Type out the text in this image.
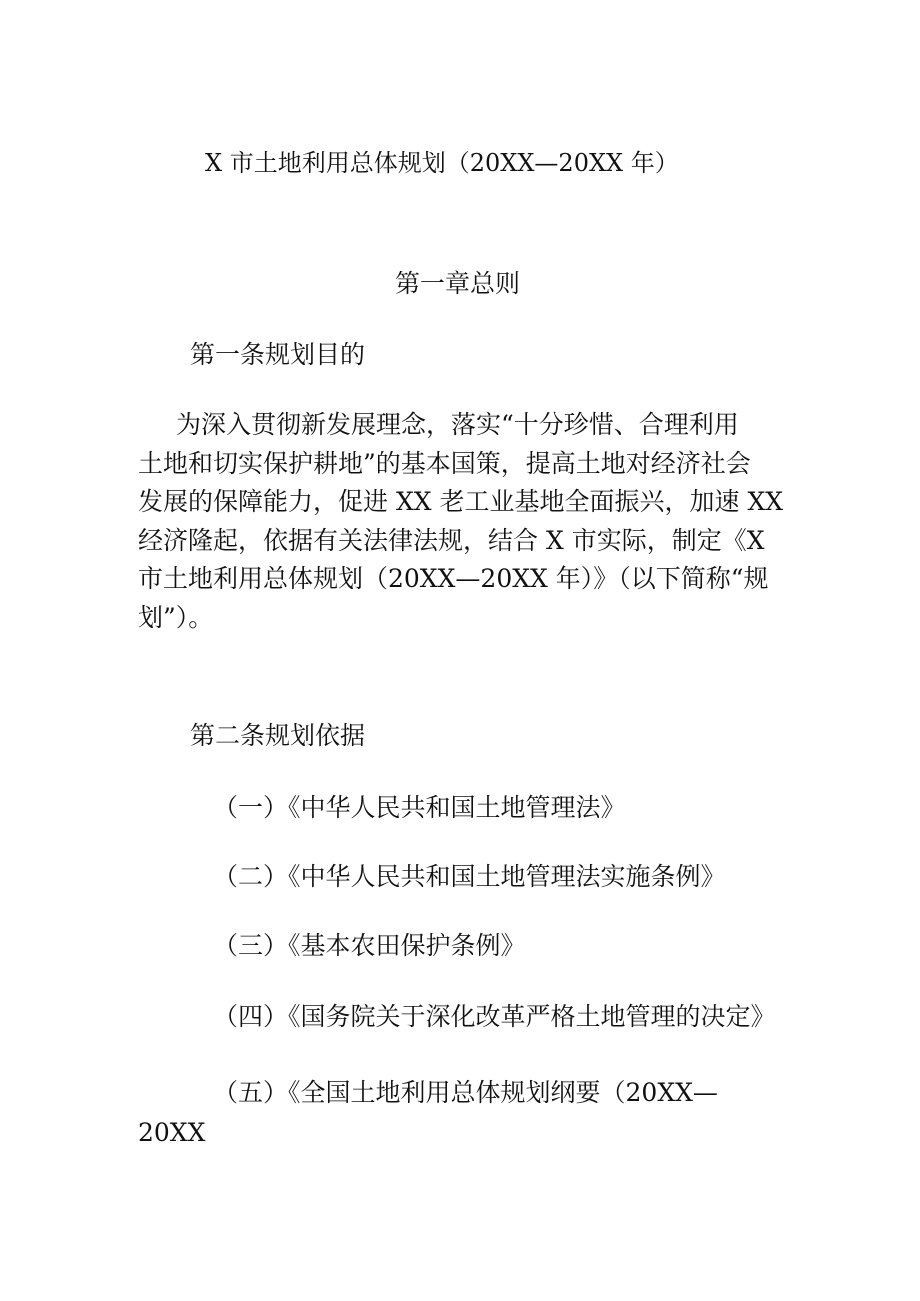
X 市土地利用总体规划（20XX—20XX 年）

第一章总则

第一条规划目的

为深入贯彻新发展理念，落实“十分珍惜、合理利用
土地和切实保护耕地”的基本国策，提高土地对经济社会
发展的保障能力，促进 XX 老工业基地全面振兴，加速 XX
经济隆起，依据有关法律法规，结合 X 市实际，制定《X
市土地利用总体规划（20XX—20XX 年）》（以下简称“规
划”）。

第二条规划依据

（一）《中华人民共和国土地管理法》

（二）《中华人民共和国土地管理法实施条例》

（三）《基本农田保护条例》

（四）《国务院关于深化改革严格土地管理的决定》

（五）《全国土地利用总体规划纲要（20XX—

20XX
